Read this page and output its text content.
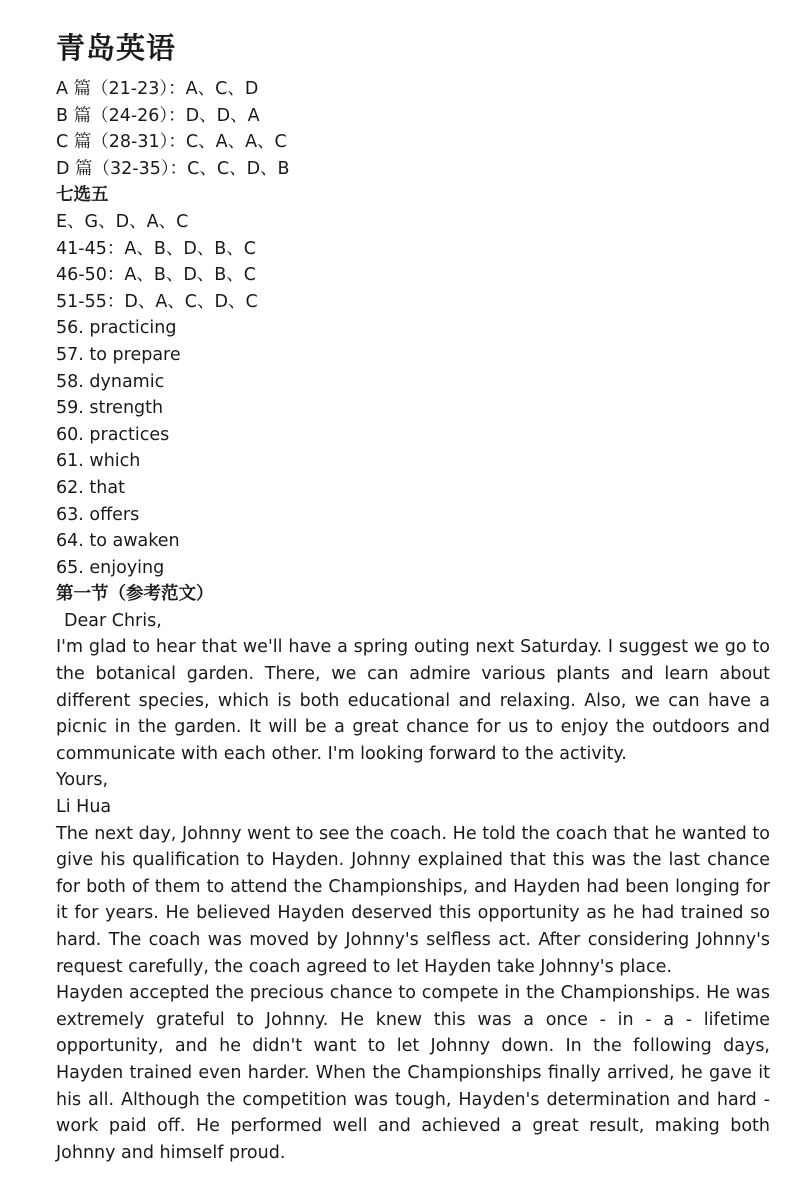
青岛英语
A 篇（21-23）：A、C、D
B 篇（24-26）：D、D、A
C 篇（28-31）：C、A、A、C
D 篇（32-35）：C、C、D、B
七选五
E、G、D、A、C
41-45：A、B、D、B、C
46-50：A、B、D、B、C
51-55：D、A、C、D、C
56. practicing
57. to prepare
58. dynamic
59. strength
60. practices
61. which
62. that
63. offers
64. to awaken
65. enjoying
第一节（参考范文）
Dear Chris,

I'm glad to hear that we'll have a spring outing next Saturday. I suggest we go to the botanical garden. There, we can admire various plants and learn about different species, which is both educational and relaxing. Also, we can have a picnic in the garden. It will be a great chance for us to enjoy the outdoors and communicate with each other. I'm looking forward to the activity.

Yours,
Li Hua

The next day, Johnny went to see the coach. He told the coach that he wanted to give his qualification to Hayden. Johnny explained that this was the last chance for both of them to attend the Championships, and Hayden had been longing for it for years. He believed Hayden deserved this opportunity as he had trained so hard. The coach was moved by Johnny's selfless act. After considering Johnny's request carefully, the coach agreed to let Hayden take Johnny's place.

Hayden accepted the precious chance to compete in the Championships. He was extremely grateful to Johnny. He knew this was a once - in - a - lifetime opportunity, and he didn't want to let Johnny down. In the following days, Hayden trained even harder. When the Championships finally arrived, he gave it his all. Although the competition was tough, Hayden's determination and hard - work paid off. He performed well and achieved a great result, making both Johnny and himself proud.
